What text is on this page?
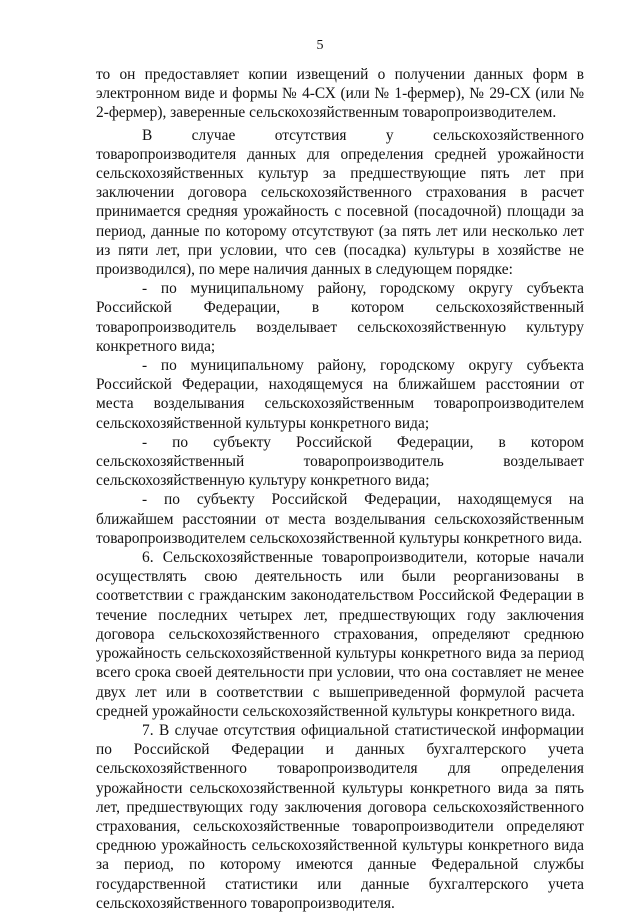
5

то он предоставляет копии извещений о получении данных форм в электронном виде и формы № 4-СХ (или № 1-фермер), № 29-СХ (или № 2-фермер), заверенные сельскохозяйственным товаропроизводителем.

В случае отсутствия у сельскохозяйственного товаропроизводителя данных для определения средней урожайности сельскохозяйственных культур за предшествующие пять лет при заключении договора сельскохозяйственного страхования в расчет принимается средняя урожайность с посевной (посадочной) площади за период, данные по которому отсутствуют (за пять лет или несколько лет из пяти лет, при условии, что сев (посадка) культуры в хозяйстве не производился), по мере наличия данных в следующем порядке:

- по муниципальному району, городскому округу субъекта Российской Федерации, в котором сельскохозяйственный товаропроизводитель возделывает сельскохозяйственную культуру конкретного вида;

- по муниципальному району, городскому округу субъекта Российской Федерации, находящемуся на ближайшем расстоянии от места возделывания сельскохозяйственным товаропроизводителем сельскохозяйственной культуры конкретного вида;

- по субъекту Российской Федерации, в котором сельскохозяйственный товаропроизводитель возделывает сельскохозяйственную культуру конкретного вида;

- по субъекту Российской Федерации, находящемуся на ближайшем расстоянии от места возделывания сельскохозяйственным товаропроизводителем сельскохозяйственной культуры конкретного вида.

6. Сельскохозяйственные товаропроизводители, которые начали осуществлять свою деятельность или были реорганизованы в соответствии с гражданским законодательством Российской Федерации в течение последних четырех лет, предшествующих году заключения договора сельскохозяйственного страхования, определяют среднюю урожайность сельскохозяйственной культуры конкретного вида за период всего срока своей деятельности при условии, что она составляет не менее двух лет или в соответствии с вышеприведенной формулой расчета средней урожайности сельскохозяйственной культуры конкретного вида.

7. В случае отсутствия официальной статистической информации по Российской Федерации и данных бухгалтерского учета сельскохозяйственного товаропроизводителя для определения урожайности сельскохозяйственной культуры конкретного вида за пять лет, предшествующих году заключения договора сельскохозяйственного страхования, сельскохозяйственные товаропроизводители определяют среднюю урожайность сельскохозяйственной культуры конкретного вида за период, по которому имеются данные Федеральной службы государственной статистики или данные бухгалтерского учета сельскохозяйственного товаропроизводителя.
